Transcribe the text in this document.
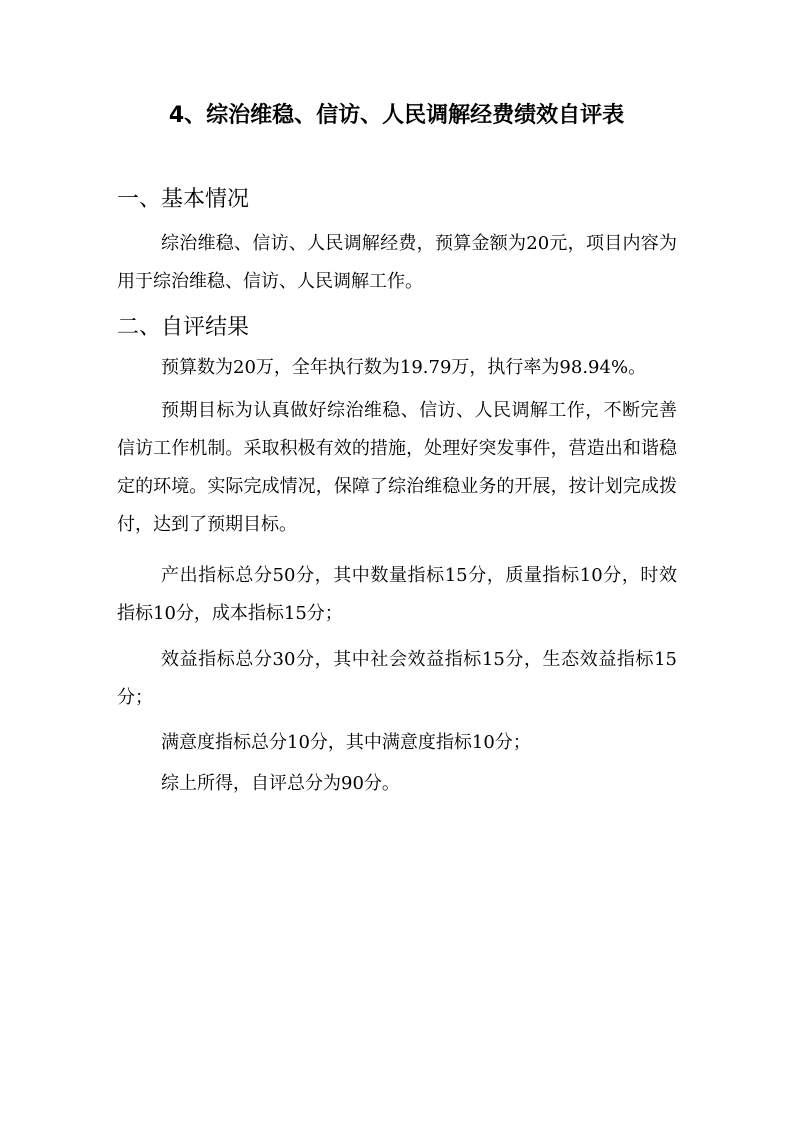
4、综治维稳、信访、人民调解经费绩效自评表
一、基本情况
综治维稳、信访、人民调解经费，预算金额为20元，项目内容为用于综治维稳、信访、人民调解工作。
二、自评结果
预算数为20万，全年执行数为19.79万，执行率为98.94%。
预期目标为认真做好综治维稳、信访、人民调解工作，不断完善信访工作机制。采取积极有效的措施，处理好突发事件，营造出和谐稳定的环境。实际完成情况，保障了综治维稳业务的开展，按计划完成拨付，达到了预期目标。
产出指标总分50分，其中数量指标15分，质量指标10分，时效指标10分，成本指标15分；
效益指标总分30分，其中社会效益指标15分，生态效益指标15分；
满意度指标总分10分，其中满意度指标10分；
综上所得，自评总分为90分。
